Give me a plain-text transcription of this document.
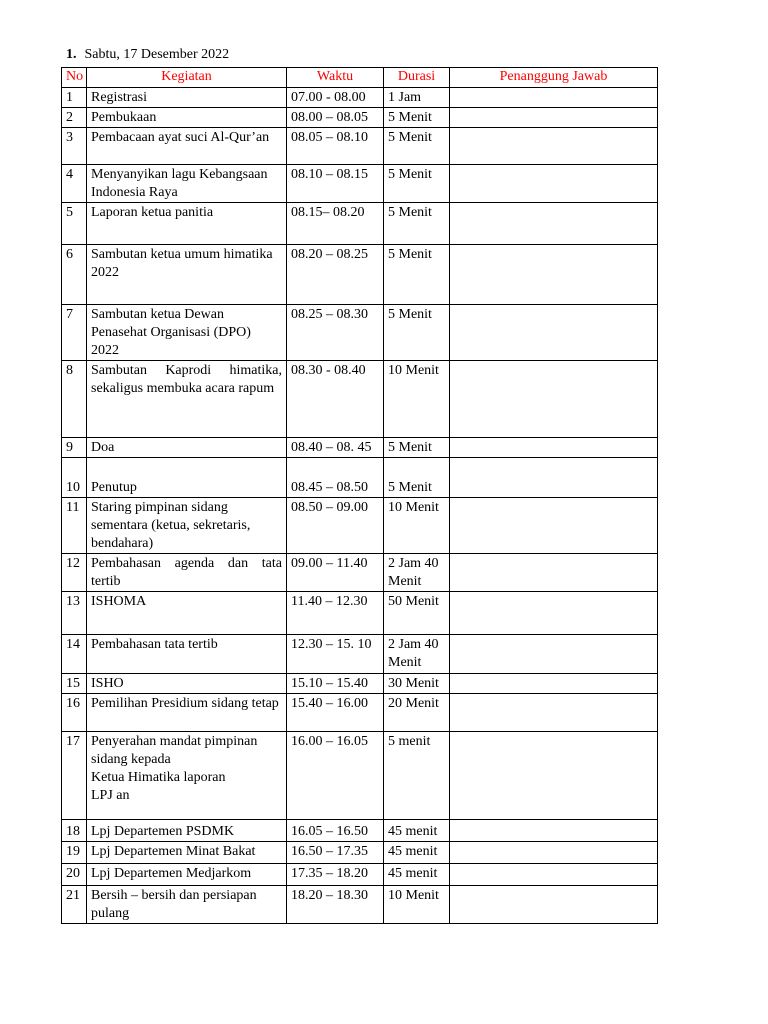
1. Sabtu, 17 Desember 2022
No	Kegiatan	Waktu	Durasi	Penanggung Jawab
1	Registrasi	07.00 - 08.00	1 Jam	
2	Pembukaan	08.00 – 08.05	5 Menit	
3	Pembacaan ayat suci Al-Qur’an	08.05 – 08.10	5 Menit	
4	Menyanyikan lagu Kebangsaan Indonesia Raya	08.10 – 08.15	5 Menit	
5	Laporan ketua panitia	08.15– 08.20	5 Menit	
6	Sambutan ketua umum himatika 2022	08.20 – 08.25	5 Menit	
7	Sambutan ketua Dewan Penasehat Organisasi (DPO) 2022	08.25 – 08.30	5 Menit	
8	Sambutan Kaprodi himatika, sekaligus membuka acara rapum	08.30 - 08.40	10 Menit	
9	Doa	08.40 – 08. 45	5 Menit	
10	Penutup	08.45 – 08.50	5 Menit	
11	Staring pimpinan sidang sementara (ketua, sekretaris, bendahara)	08.50 – 09.00	10 Menit	
12	Pembahasan agenda dan tata tertib	09.00 – 11.40	2 Jam 40 Menit	
13	ISHOMA	11.40 – 12.30	50 Menit	
14	Pembahasan tata tertib	12.30 – 15. 10	2 Jam 40 Menit	
15	ISHO	15.10 – 15.40	30 Menit	
16	Pemilihan Presidium sidang tetap	15.40 – 16.00	20 Menit	
17	Penyerahan mandat pimpinan sidang kepada
Ketua Himatika laporan
LPJ an	16.00 – 16.05	5 menit	
18	Lpj Departemen PSDMK	16.05 – 16.50	45 menit	
19	Lpj Departemen Minat Bakat	16.50 – 17.35	45 menit	
20	Lpj Departemen Medjarkom	17.35 – 18.20	45 menit	
21	Bersih – bersih dan persiapan pulang	18.20 – 18.30	10 Menit	
